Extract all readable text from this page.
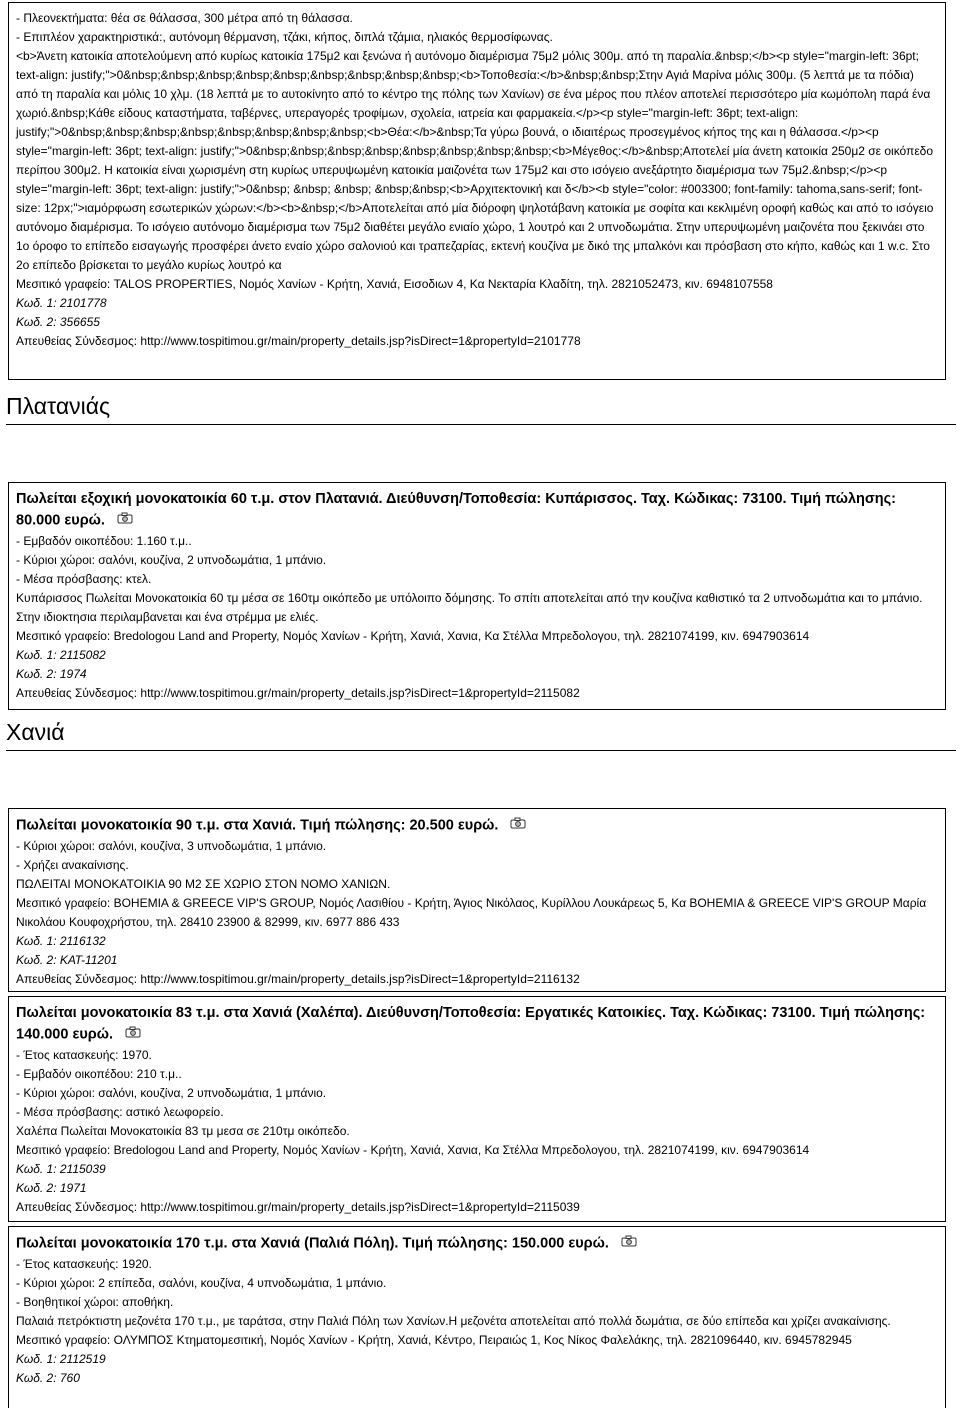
- Πλεονεκτήματα: θέα σε θάλασσα, 300 μέτρα από τη θάλασσα.

- Επιπλέον χαρακτηριστικά:, αυτόνομη θέρμανση, τζάκι, κήπος, διπλά τζάμια, ηλιακός θερμοσίφωνας.

<b>Άνετη κατοικία αποτελούμενη από κυρίως κατοικία 175μ2 και ξενώνα ή αυτόνομο διαμέρισμα 75μ2 μόλις 300μ. από τη παραλία.&nbsp;</b><p style="margin-left: 36pt; text-align: justify;">0&nbsp;&nbsp;&nbsp;&nbsp;&nbsp;&nbsp;&nbsp;&nbsp;&nbsp;<b>Τοποθεσία:</b>&nbsp;&nbsp;Στην Αγιά Μαρίνα μόλις 300μ. (5 λεπτά με τα πόδια) από τη παραλία και μόλις 10 χλμ. (18 λεπτά με το αυτοκίνητο από το κέντρο της πόλης των Χανίων) σε ένα μέρος που πλέον αποτελεί περισσότερο μία κωμόπολη παρά ένα χωριό.&nbsp;Κάθε είδους καταστήματα, ταβέρνες, υπεραγορές τροφίμων, σχολεία, ιατρεία και φαρμακεία.</p><p style="margin-left: 36pt; text-align: justify;">0&nbsp;&nbsp;&nbsp;&nbsp;&nbsp;&nbsp;&nbsp;&nbsp;<b>Θέα:</b>&nbsp;Τα γύρω βουνά, ο ιδιαιτέρως προσεγμένος κήπος της και η θάλασσα.</p><p style="margin-left: 36pt; text-align: justify;">0&nbsp;&nbsp;&nbsp;&nbsp;&nbsp;&nbsp;&nbsp;&nbsp;<b>Μέγεθος:</b>&nbsp;Αποτελεί μία άνετη κατοικία 250μ2 σε οικόπεδο περίπου 300μ2. Η κατοικία είναι χωρισμένη στη κυρίως υπερυψωμένη κατοικία μαιζονέτα των 175μ2 και στο ισόγειο ανεξάρτητο διαμέρισμα των 75μ2.&nbsp;</p><p style="margin-left: 36pt; text-align: justify;">0&nbsp; &nbsp; &nbsp; &nbsp;&nbsp;<b>Αρχιτεκτονική και δ</b><b style="color: #003300; font-family: tahoma,sans-serif; font-size: 12px;">ιαμόρφωση εσωτερικών χώρων:</b><b>&nbsp;</b>Αποτελείται από μία διόροφη ψηλοτάβανη κατοικία με σοφίτα και κεκλιμένη οροφή καθώς και από το ισόγειο αυτόνομο διαμέρισμα. Το ισόγειο αυτόνομο διαμέρισμα των 75μ2 διαθέτει μεγάλο ενιαίο χώρο, 1 λουτρό και 2 υπνοδωμάτια. Στην υπερυψωμένη μαιζονέτα που ξεκινάει στο 1ο όροφο το επίπεδο εισαγωγής προσφέρει άνετο εναίο χώρο σαλονιού και τραπεζαρίας, εκτενή κουζίνα με δικό της μπαλκόνι και πρόσβαση στο κήπο, καθώς και 1 w.c. Στο 2ο επίπεδο βρίσκεται το μεγάλο κυρίως λουτρό κα

Μεσιτικό γραφείο: TALOS PROPERTIES, Νομός Χανίων - Κρήτη, Χανιά, Εισοδιων 4, Κα Νεκταρία Κλαδίτη, τηλ. 2821052473, κιν. 6948107558

Κωδ. 1: 2101778

Κωδ. 2: 356655

Απευθείας Σύνδεσμος: http://www.tospitimou.gr/main/property_details.jsp?isDirect=1&propertyId=2101778

Πλατανιάς

Πωλείται εξοχική μονοκατοικία 60 τ.μ. στον Πλατανιά. Διεύθυνση/Τοποθεσία: Κυπάρισσος. Ταχ. Κώδικας: 73100. Τιμή πώλησης: 80.000 ευρώ.

- Εμβαδόν οικοπέδου: 1.160 τ.μ..

- Κύριοι χώροι: σαλόνι, κουζίνα, 2 υπνοδωμάτια, 1 μπάνιο.

- Μέσα πρόσβασης: κτελ.

Κυπάρισσος Πωλείται Μονοκατοικία 60 τμ μέσα σε 160τμ οικόπεδο με υπόλοιπο δόμησης. Το σπίτι αποτελείται από την κουζίνα καθιστικό τα 2 υπνοδωμάτια και το μπάνιο. Στην ιδιοκτησια περιλαμβανεται και ένα στρέμμα με ελιές.

Μεσιτικό γραφείο: Bredologou Land and Property, Νομός Χανίων - Κρήτη, Χανιά, Χανια, Κα Στέλλα Μπρεδολογου, τηλ. 2821074199, κιν. 6947903614

Κωδ. 1: 2115082

Κωδ. 2: 1974

Απευθείας Σύνδεσμος: http://www.tospitimou.gr/main/property_details.jsp?isDirect=1&propertyId=2115082

Χανιά

Πωλείται μονοκατοικία 90 τ.μ. στα Χανιά. Τιμή πώλησης: 20.500 ευρώ.

- Κύριοι χώροι: σαλόνι, κουζίνα, 3 υπνοδωμάτια, 1 μπάνιο.

- Χρήζει ανακαίνισης.

ΠΩΛΕΙΤΑΙ ΜΟΝΟΚΑΤΟΙΚΙΑ 90 Μ2 ΣΕ ΧΩΡΙΟ ΣΤΟΝ ΝΟΜΟ ΧΑΝΙΩΝ.

Μεσιτικό γραφείο: BOHEMIA & GREECE VIP'S GROUP, Νομός Λασιθίου - Κρήτη, Άγιος Νικόλαος, Κυρίλλου Λουκάρεως 5, Κα BOHEMIA & GREECE VIP'S GROUP Μαρία Νικολάου Κουφοχρήστου, τηλ. 28410 23900 & 82999, κιν. 6977 886 433

Κωδ. 1: 2116132

Κωδ. 2: ΚΑΤ-11201

Απευθείας Σύνδεσμος: http://www.tospitimou.gr/main/property_details.jsp?isDirect=1&propertyId=2116132

Πωλείται μονοκατοικία 83 τ.μ. στα Χανιά (Χαλέπα). Διεύθυνση/Τοποθεσία: Εργατικές Κατοικίες. Ταχ. Κώδικας: 73100. Τιμή πώλησης: 140.000 ευρώ.

- Έτος κατασκευής: 1970.

- Εμβαδόν οικοπέδου: 210 τ.μ..

- Κύριοι χώροι: σαλόνι, κουζίνα, 2 υπνοδωμάτια, 1 μπάνιο.

- Μέσα πρόσβασης: αστικό λεωφορείο.

Χαλέπα Πωλείται Μονοκατοικία 83 τμ μεσα σε 210τμ οικόπεδο.

Μεσιτικό γραφείο: Bredologou Land and Property, Νομός Χανίων - Κρήτη, Χανιά, Χανια, Κα Στέλλα Μπρεδολογου, τηλ. 2821074199, κιν. 6947903614

Κωδ. 1: 2115039

Κωδ. 2: 1971

Απευθείας Σύνδεσμος: http://www.tospitimou.gr/main/property_details.jsp?isDirect=1&propertyId=2115039

Πωλείται μονοκατοικία 170 τ.μ. στα Χανιά (Παλιά Πόλη). Τιμή πώλησης: 150.000 ευρώ.

- Έτος κατασκευής: 1920.

- Κύριοι χώροι: 2 επίπεδα, σαλόνι, κουζίνα, 4 υπνοδωμάτια, 1 μπάνιο.

- Βοηθητικοί χώροι: αποθήκη.

Παλαιά πετρόκτιστη μεζονέτα 170 τ.μ., με ταράτσα, στην Παλιά Πόλη των Χανίων.Η μεζονέτα αποτελείται από πολλά δωμάτια, σε δύο επίπεδα και χρίζει ανακαίνισης.

Μεσιτικό γραφείο: ΟΛΥΜΠΟΣ Κτηματομεσιτική, Νομός Χανίων - Κρήτη, Χανιά, Κέντρο, Πειραιώς 1, Κος Νίκος Φαλελάκης, τηλ. 2821096440, κιν. 6945782945

Κωδ. 1: 2112519

Κωδ. 2: 760
